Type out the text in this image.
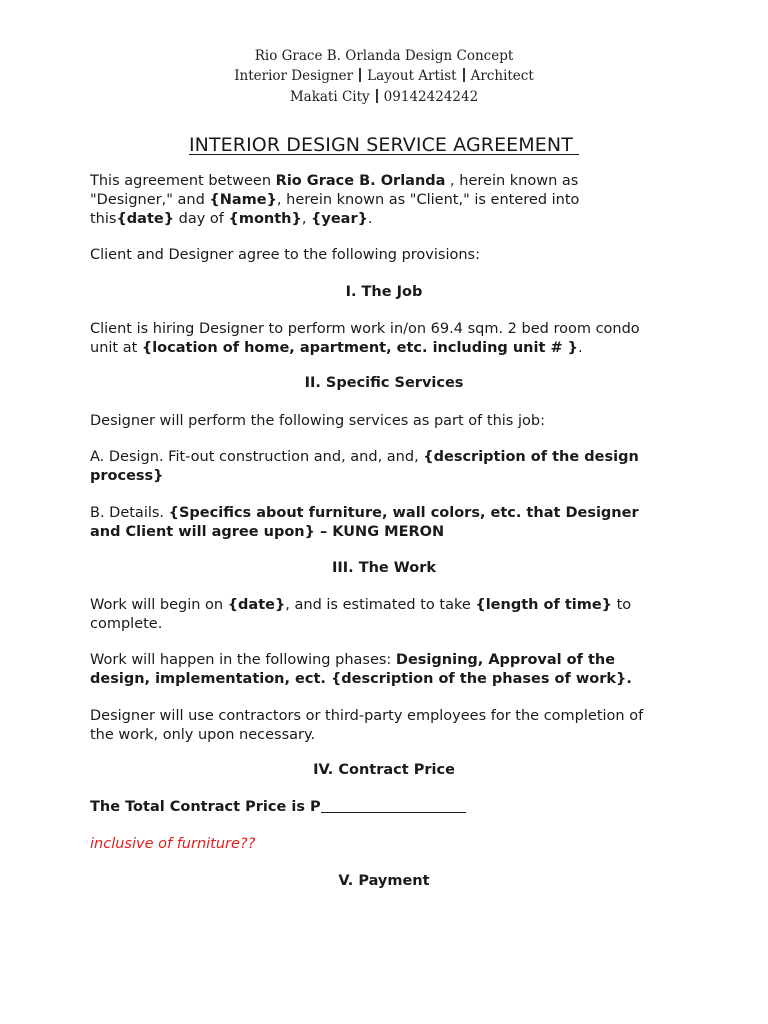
Rio Grace B. Orlanda Design Concept
Interior Designer Layout Artist Architect
Makati City 09142424242
INTERIOR DESIGN SERVICE AGREEMENT
This agreement between Rio Grace B. Orlanda , herein known as
"Designer," and {Name}, herein known as "Client," is entered into
this{date} day of {month}, {year}.
Client and Designer agree to the following provisions:
I. The Job
Client is hiring Designer to perform work in/on 69.4 sqm. 2 bed room condo
unit at {location of home, apartment, etc. including unit # }.
II. Specific Services
Designer will perform the following services as part of this job:
A. Design. Fit-out construction and, and, and, {description of the design
process}
B. Details. {Specifics about furniture, wall colors, etc. that Designer
and Client will agree upon} – KUNG MERON
III. The Work
Work will begin on {date}, and is estimated to take {length of time} to
complete.
Work will happen in the following phases: Designing, Approval of the
design, implementation, ect. {description of the phases of work}.
Designer will use contractors or third-party employees for the completion of
the work, only upon necessary.
IV. Contract Price
The Total Contract Price is P
inclusive of furniture??
V. Payment
